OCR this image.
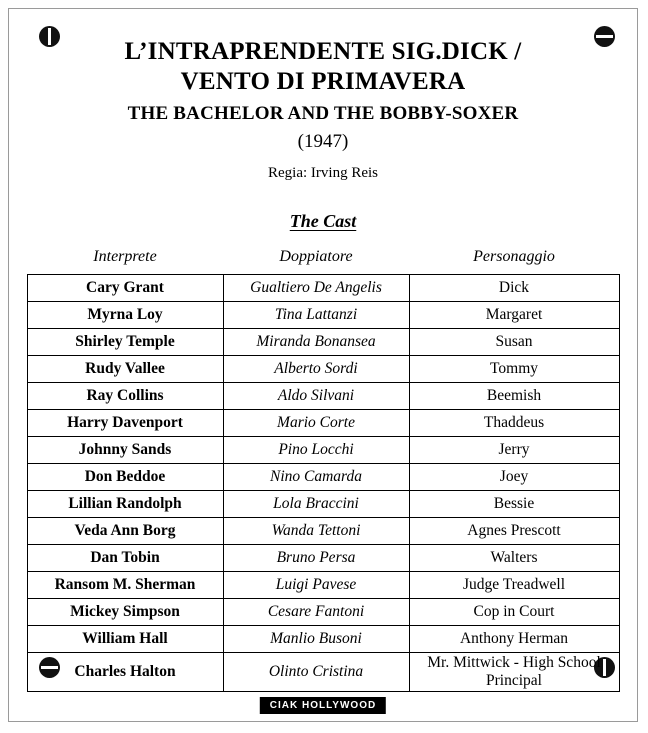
L’INTRAPRENDENTE SIG.DICK /
VENTO DI PRIMAVERA
THE BACHELOR AND THE BOBBY-SOXER
(1947)
Regia: Irving Reis
The Cast
Interprete	Doppiatore	Personaggio
Cary Grant	Gualtiero De Angelis	Dick
Myrna Loy	Tina Lattanzi	Margaret
Shirley Temple	Miranda Bonansea	Susan
Rudy Vallee	Alberto Sordi	Tommy
Ray Collins	Aldo Silvani	Beemish
Harry Davenport	Mario Corte	Thaddeus
Johnny Sands	Pino Locchi	Jerry
Don Beddoe	Nino Camarda	Joey
Lillian Randolph	Lola Braccini	Bessie
Veda Ann Borg	Wanda Tettoni	Agnes Prescott
Dan Tobin	Bruno Persa	Walters
Ransom M. Sherman	Luigi Pavese	Judge Treadwell
Mickey Simpson	Cesare Fantoni	Cop in Court
William Hall	Manlio Busoni	Anthony Herman
Charles Halton	Olinto Cristina	Mr. Mittwick - High School Principal
CIAK HOLLYWOOD
